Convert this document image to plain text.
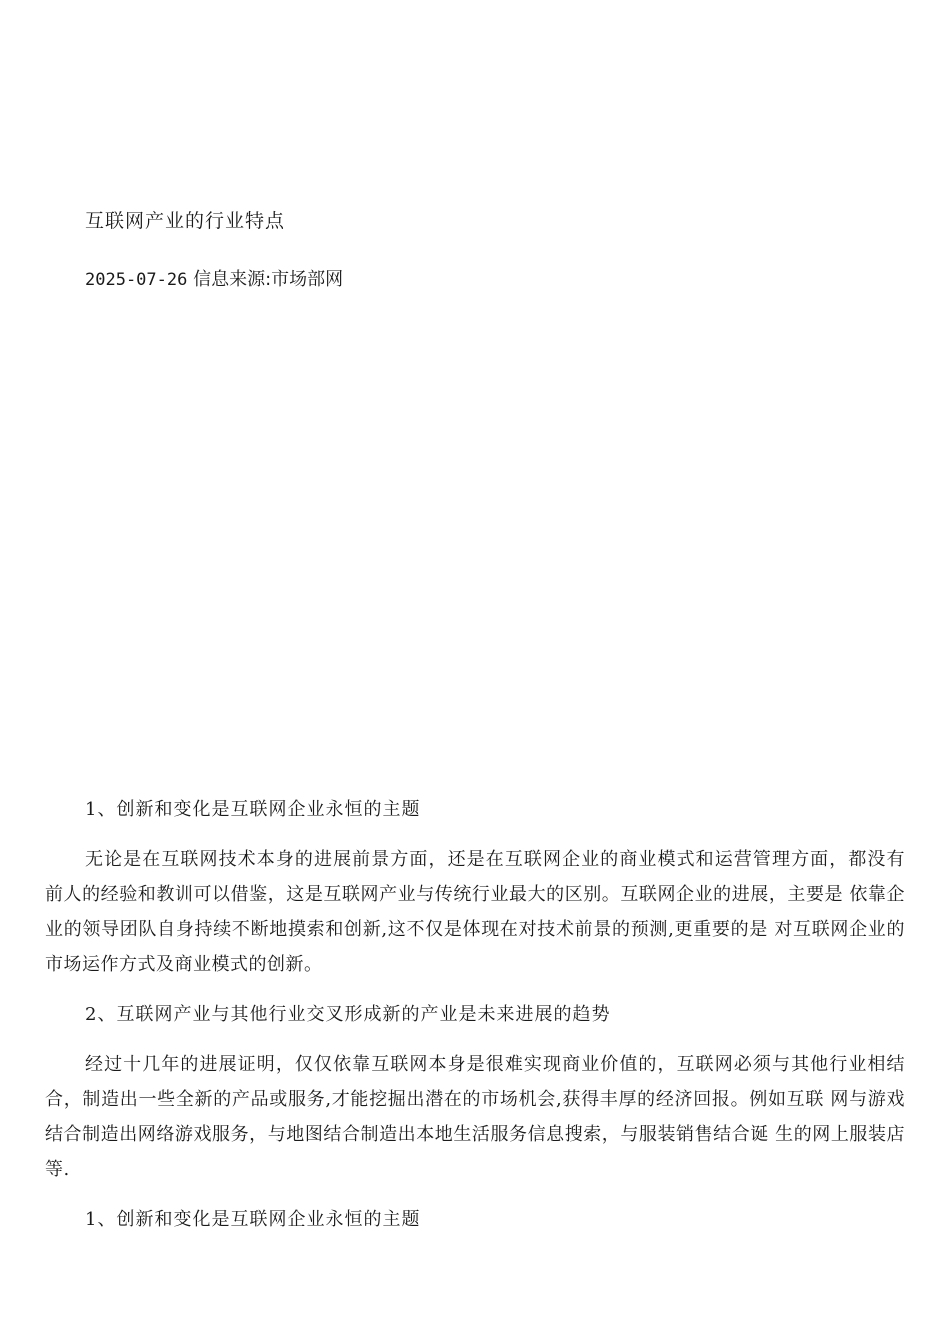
互联网产业的行业特点
2025-07-26 信息来源:市场部网
1、创新和变化是互联网企业永恒的主题
无论是在互联网技术本身的进展前景方面，还是在互联网企业的商业模式和运营管理方面，都没有 前人的经验和教训可以借鉴，这是互联网产业与传统行业最大的区别。互联网企业的进展，主要是 依靠企业的领导团队自身持续不断地摸索和创新,这不仅是体现在对技术前景的预测,更重要的是 对互联网企业的市场运作方式及商业模式的创新。
2、互联网产业与其他行业交叉形成新的产业是未来进展的趋势
经过十几年的进展证明，仅仅依靠互联网本身是很难实现商业价值的，互联网必须与其他行业相结 合，制造出一些全新的产品或服务,才能挖掘出潜在的市场机会,获得丰厚的经济回报。例如互联 网与游戏结合制造出网络游戏服务，与地图结合制造出本地生活服务信息搜索，与服装销售结合诞 生的网上服装店等.
1、创新和变化是互联网企业永恒的主题
